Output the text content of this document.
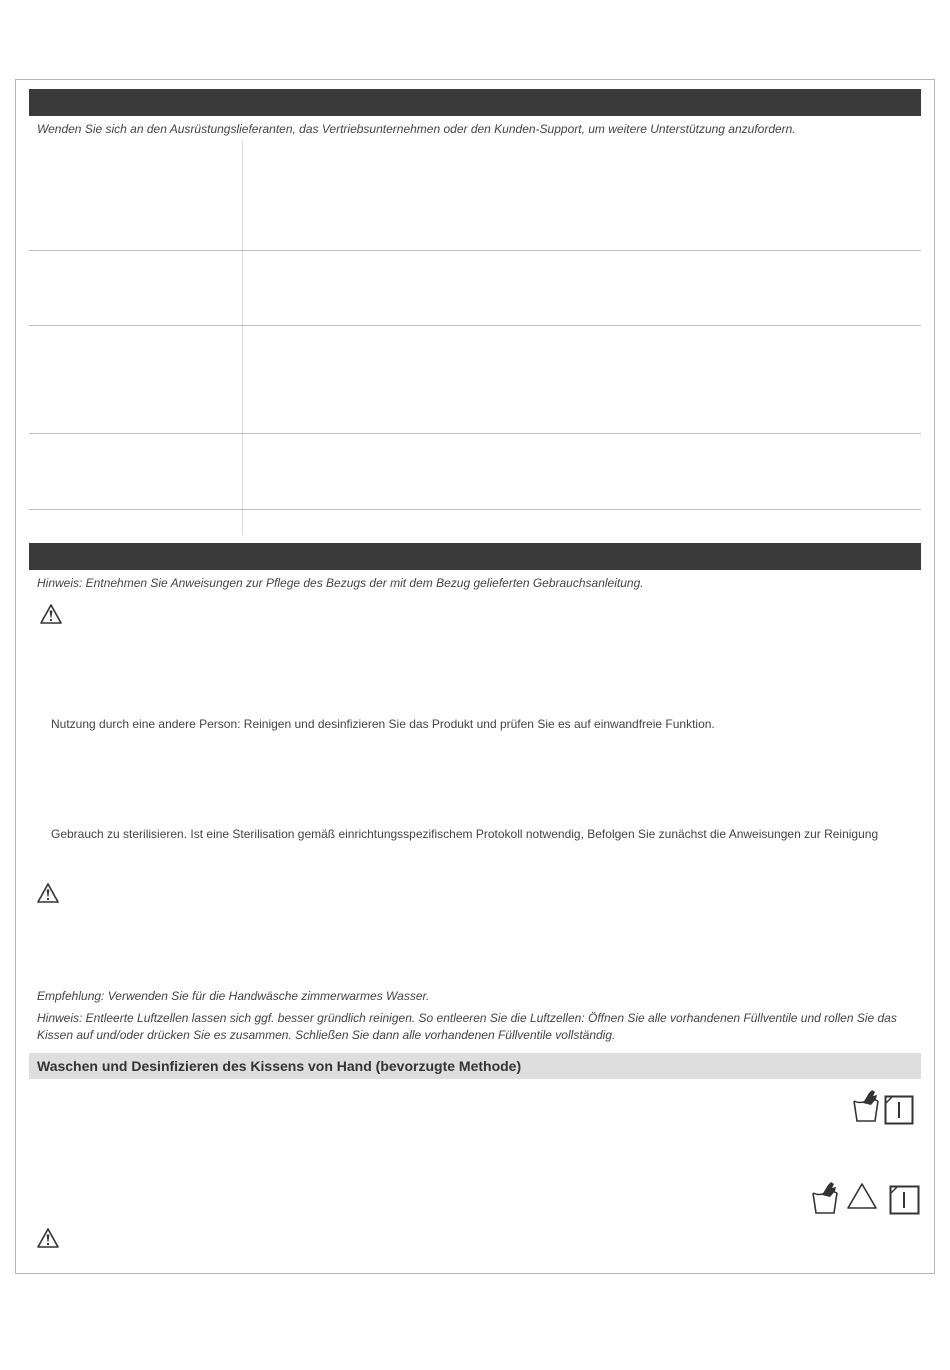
Wenden Sie sich an den Ausrüstungslieferanten, das Vertriebsunternehmen oder den Kunden-Support, um weitere Unterstützung anzufordern.
Hinweis: Entnehmen Sie Anweisungen zur Pflege des Bezugs der mit dem Bezug gelieferten Gebrauchsanleitung.
Nutzung durch eine andere Person: Reinigen und desinfizieren Sie das Produkt und prüfen Sie es auf einwandfreie Funktion.
Gebrauch zu sterilisieren. Ist eine Sterilisation gemäß einrichtungsspezifischem Protokoll notwendig, Befolgen Sie zunächst die Anweisungen zur Reinigung
Empfehlung: Verwenden Sie für die Handwäsche zimmerwarmes Wasser.
Hinweis: Entleerte Luftzellen lassen sich ggf. besser gründlich reinigen. So entleeren Sie die Luftzellen: Öffnen Sie alle vorhandenen Füllventile und rollen Sie das Kissen auf und/oder drücken Sie es zusammen. Schließen Sie dann alle vorhandenen Füllventile vollständig.
Waschen und Desinfizieren des Kissens von Hand (bevorzugte Methode)
